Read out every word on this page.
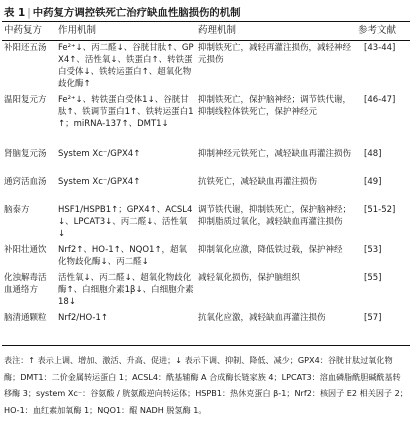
表 1 | 中药复方调控铁死亡治疗缺血性脑损伤的机制
中药复方	作用机制	药理机制	参考文献
补阳还五汤	Fe²⁺↓、丙二醛↓、谷胱甘肽↑、GPX4↑、活性氧↓、铁蛋白↑、转铁蛋白受体↓、铁转运蛋白↑、超氧化物歧化酶↑	抑制铁死亡，减轻再灌注损伤，减轻神经元损伤	[43-44]
温阳复元方	Fe²⁺↓、转铁蛋白受体1↓、谷胱甘肽↑、铁调节蛋白1↑、铁转运蛋白1↑；miRNA-137↑、DMT1↓	抑制铁死亡，保护脑神经；调节铁代谢，抑制线粒体铁死亡，保护神经元	[46-47]
肾脑复元汤	System Xc⁻/GPX4↑	抑制神经元铁死亡，减轻缺血再灌注损伤	[48]
通窍活血汤	System Xc⁻/GPX4↑	抗铁死亡，减轻缺血再灌注损伤	[49]
脑泰方	HSF1/HSPB1↑；GPX4↑、ACSL4↓、LPCAT3↓、丙二醛↓、活性氧↓	调节铁代谢，抑制铁死亡，保护脑神经；抑制脂质过氧化，减轻缺血再灌注损伤	[51-52]
补阳壮通饮	Nrf2↑、HO-1↑、NQO1↑，超氧化物歧化酶↓、丙二醛↓	抑制氧化应激，降低铁过载，保护神经	[53]
化浊解毒活血通络方	活性氧↓、丙二醛↓、超氧化物歧化酶↑、白细胞介素1β↓、白细胞介素18↓	减轻氧化损伤，保护脑组织	[55]
脑清通颗粒	Nrf2/HO-1↑	抗氧化应激，减轻缺血再灌注损伤	[57]
表注：↑ 表示上调、增加、激活、升高、促进；↓ 表示下调、抑制、降低、减少；GPX4：谷胱甘肽过氧化物酶；DMT1：二价金属转运蛋白 1；ACSL4：酰基辅酶 A 合成酶长链家族 4；LPCAT3：溶血磷脂酰胆碱酰基转移酶 3；system Xc⁻：谷氨酸 / 胱氨酸逆向转运体；HSPB1：热休克蛋白 β-1；Nrf2：核因子 E2 相关因子 2；HO-1：血红素加氧酶 1；NQO1：醌 NADH 脱氢酶 1。
